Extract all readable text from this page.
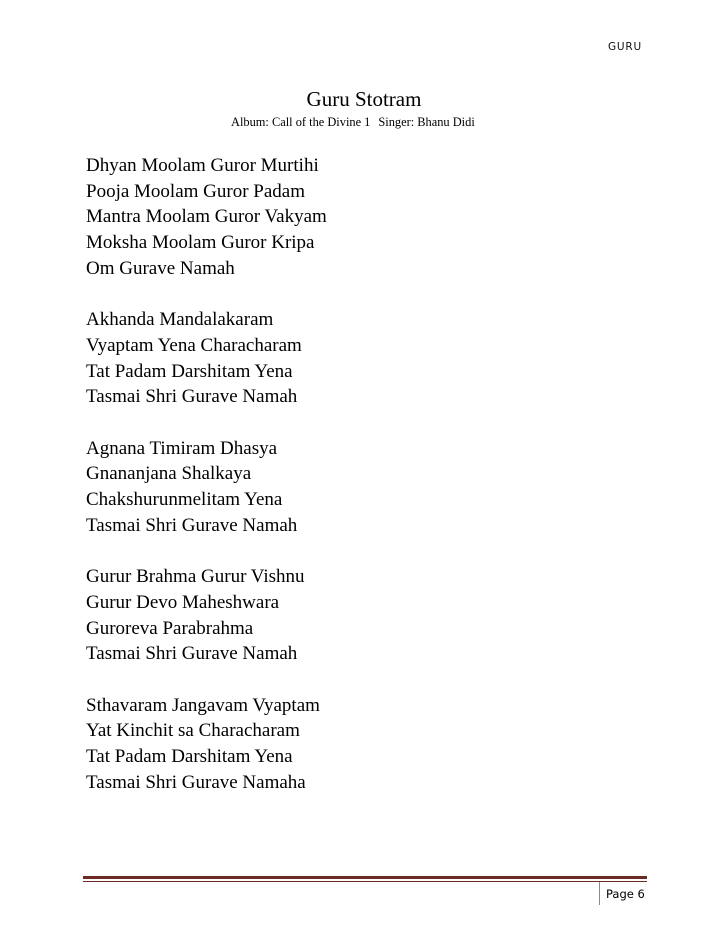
GURU
Guru Stotram
Album: Call of the Divine 1 Singer: Bhanu Didi
Dhyan Moolam Guror Murtihi
Pooja Moolam Guror Padam
Mantra Moolam Guror Vakyam
Moksha Moolam Guror Kripa
Om Gurave Namah
Akhanda Mandalakaram
Vyaptam Yena Characharam
Tat Padam Darshitam Yena
Tasmai Shri Gurave Namah
Agnana Timiram Dhasya
Gnananjana Shalkaya
Chakshurunmelitam Yena
Tasmai Shri Gurave Namah
Gurur Brahma Gurur Vishnu
Gurur Devo Maheshwara
Guroreva Parabrahma
Tasmai Shri Gurave Namah
Sthavaram Jangavam Vyaptam
Yat Kinchit sa Characharam
Tat Padam Darshitam Yena
Tasmai Shri Gurave Namaha
Page 6
